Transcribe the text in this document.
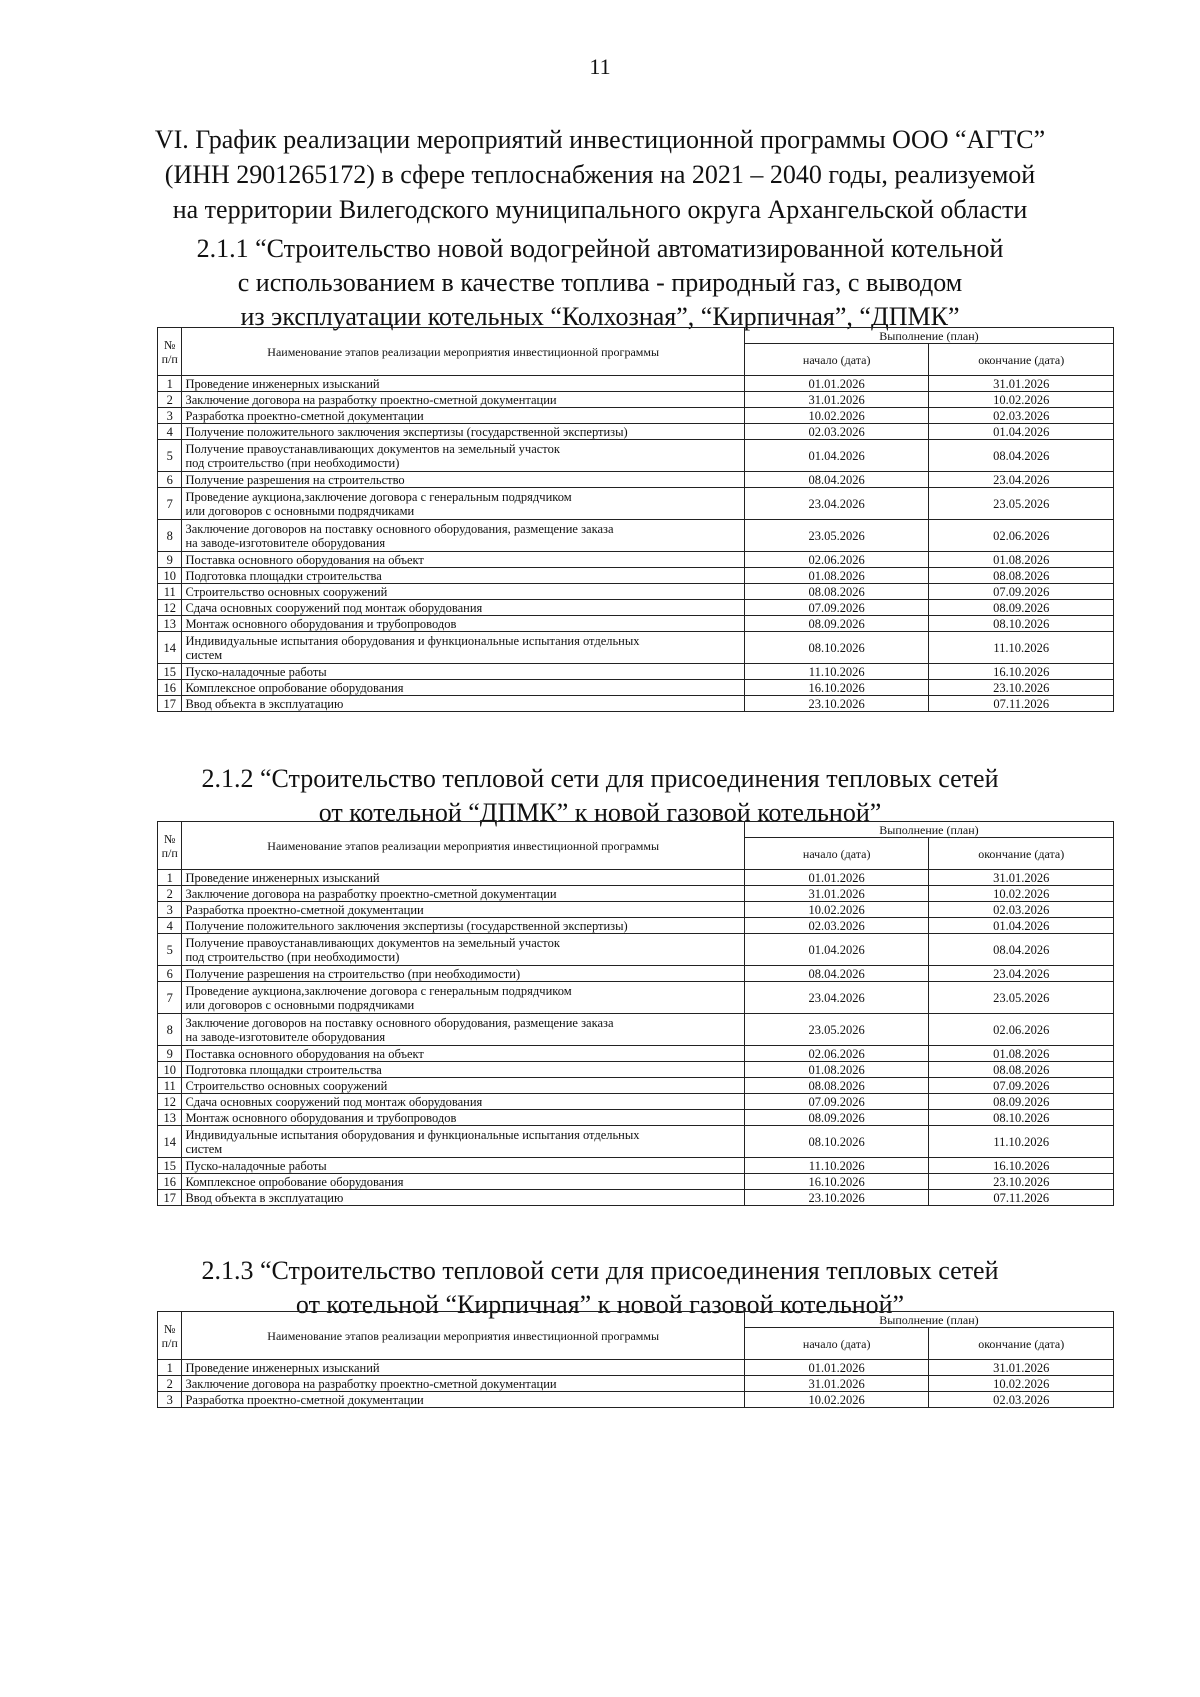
11
VI. График реализации мероприятий инвестиционной программы ООО “АГТС”
(ИНН 2901265172) в сфере теплоснабжения на 2021 – 2040 годы, реализуемой
на территории Вилегодского муниципального округа Архангельской области
2.1.1 “Строительство новой водогрейной автоматизированной котельной
с использованием в качестве топлива - природный газ, с выводом
из эксплуатации котельных “Колхозная”, “Кирпичная”, “ДПМК”
№ п/п	Наименование этапов реализации мероприятия инвестиционной программы	Выполнение (план)	
		начало (дата)	окончание (дата)
1	Проведение инженерных изысканий	01.01.2026	31.01.2026
2	Заключение договора на разработку проектно-сметной документации	31.01.2026	10.02.2026
3	Разработка проектно-сметной документации	10.02.2026	02.03.2026
4	Получение положительного заключения экспертизы (государственной экспертизы)	02.03.2026	01.04.2026
5	Получение правоустанавливающих документов на земельный участок
под строительство (при необходимости)	01.04.2026	08.04.2026
6	Получение разрешения на строительство	08.04.2026	23.04.2026
7	Проведение аукциона,заключение договора с генеральным подрядчиком
или договоров с основными подрядчиками	23.04.2026	23.05.2026
8	Заключение договоров на поставку основного оборудования, размещение заказа
на заводе-изготовителе оборудования	23.05.2026	02.06.2026
9	Поставка основного оборудования на объект	02.06.2026	01.08.2026
10	Подготовка площадки строительства	01.08.2026	08.08.2026
11	Строительство основных сооружений	08.08.2026	07.09.2026
12	Сдача основных сооружений под монтаж оборудования	07.09.2026	08.09.2026
13	Монтаж основного оборудования и трубопроводов	08.09.2026	08.10.2026
14	Индивидуальные испытания оборудования и функциональные испытания отдельных
систем	08.10.2026	11.10.2026
15	Пуско-наладочные работы	11.10.2026	16.10.2026
16	Комплексное опробование оборудования	16.10.2026	23.10.2026
17	Ввод объекта в эксплуатацию	23.10.2026	07.11.2026
2.1.2 “Строительство тепловой сети для присоединения тепловых сетей
от котельной “ДПМК” к новой газовой котельной”
№ п/п	Наименование этапов реализации мероприятия инвестиционной программы	Выполнение (план)	
		начало (дата)	окончание (дата)
1	Проведение инженерных изысканий	01.01.2026	31.01.2026
2	Заключение договора на разработку проектно-сметной документации	31.01.2026	10.02.2026
3	Разработка проектно-сметной документации	10.02.2026	02.03.2026
4	Получение положительного заключения экспертизы (государственной экспертизы)	02.03.2026	01.04.2026
5	Получение правоустанавливающих документов на земельный участок
под строительство (при необходимости)	01.04.2026	08.04.2026
6	Получение разрешения на строительство (при необходимости)	08.04.2026	23.04.2026
7	Проведение аукциона,заключение договора с генеральным подрядчиком
или договоров с основными подрядчиками	23.04.2026	23.05.2026
8	Заключение договоров на поставку основного оборудования, размещение заказа
на заводе-изготовителе оборудования	23.05.2026	02.06.2026
9	Поставка основного оборудования на объект	02.06.2026	01.08.2026
10	Подготовка площадки строительства	01.08.2026	08.08.2026
11	Строительство основных сооружений	08.08.2026	07.09.2026
12	Сдача основных сооружений под монтаж оборудования	07.09.2026	08.09.2026
13	Монтаж основного оборудования и трубопроводов	08.09.2026	08.10.2026
14	Индивидуальные испытания оборудования и функциональные испытания отдельных
систем	08.10.2026	11.10.2026
15	Пуско-наладочные работы	11.10.2026	16.10.2026
16	Комплексное опробование оборудования	16.10.2026	23.10.2026
17	Ввод объекта в эксплуатацию	23.10.2026	07.11.2026
2.1.3 “Строительство тепловой сети для присоединения тепловых сетей
от котельной “Кирпичная” к новой газовой котельной”
№ п/п	Наименование этапов реализации мероприятия инвестиционной программы	Выполнение (план)	
		начало (дата)	окончание (дата)
1	Проведение инженерных изысканий	01.01.2026	31.01.2026
2	Заключение договора на разработку проектно-сметной документации	31.01.2026	10.02.2026
3	Разработка проектно-сметной документации	10.02.2026	02.03.2026
